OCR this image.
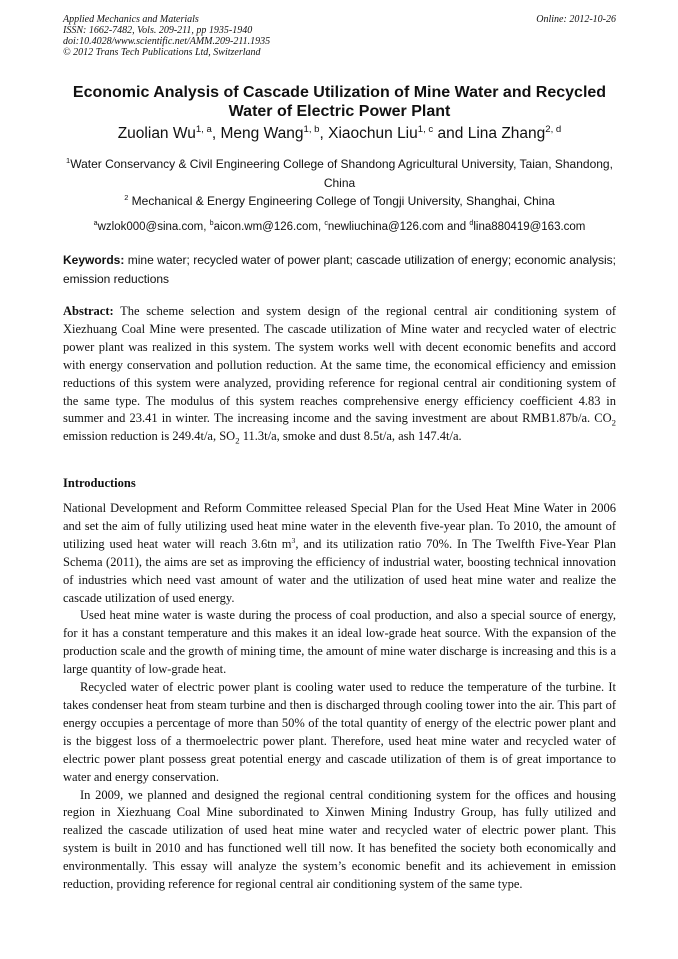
Applied Mechanics and Materials
ISSN: 1662-7482, Vols. 209-211, pp 1935-1940
doi:10.4028/www.scientific.net/AMM.209-211.1935
© 2012 Trans Tech Publications Ltd, Switzerland
Online: 2012-10-26
Economic Analysis of Cascade Utilization of Mine Water and Recycled Water of Electric Power Plant
Zuolian Wu$^{1, a}$, Meng Wang$^{1, b}$, Xiaochun Liu$^{1, c}$ and Lina Zhang$^{2, d}$
$^1$Water Conservancy & Civil Engineering College of Shandong Agricultural University, Taian, Shandong, China
$^2$ Mechanical & Energy Engineering College of Tongji University, Shanghai, China
$^a$wzlok000@sina.com, $^b$aicon.wm@126.com, $^c$newliuchina@126.com and $^d$lina880419@163.com
Keywords: mine water; recycled water of power plant; cascade utilization of energy; economic analysis; emission reductions
Abstract: The scheme selection and system design of the regional central air conditioning system of Xiezhuang Coal Mine were presented. The cascade utilization of Mine water and recycled water of electric power plant was realized in this system. The system works well with decent economic benefits and accord with energy conservation and pollution reduction. At the same time, the economical efficiency and emission reductions of this system were analyzed, providing reference for regional central air conditioning system of the same type. The modulus of this system reaches comprehensive energy efficiency coefficient 4.83 in summer and 23.41 in winter. The increasing income and the saving investment are about RMB1.87b/a. $CO_2$ emission reduction is 249.4t/a, $SO_2$ 11.3t/a, smoke and dust 8.5t/a, ash 147.4t/a.
Introductions

National Development and Reform Committee released Special Plan for the Used Heat Mine Water in 2006 and set the aim of fully utilizing used heat mine water in the eleventh five-year plan. To 2010, the amount of utilizing used heat water will reach 3.6tn $m^3$, and its utilization ratio 70%. In The Twelfth Five-Year Plan Schema (2011), the aims are set as improving the efficiency of industrial water, boosting technical innovation of industries which need vast amount of water and the utilization of used heat mine water and realize the cascade utilization of used energy.

Used heat mine water is waste during the process of coal production, and also a special source of energy, for it has a constant temperature and this makes it an ideal low-grade heat source. With the expansion of the production scale and the growth of mining time, the amount of mine water discharge is increasing and this is a large quantity of low-grade heat.

Recycled water of electric power plant is cooling water used to reduce the temperature of the turbine. It takes condenser heat from steam turbine and then is discharged through cooling tower into the air. This part of energy occupies a percentage of more than 50% of the total quantity of energy of the electric power plant and is the biggest loss of a thermoelectric power plant. Therefore, used heat mine water and recycled water of electric power plant possess great potential energy and cascade utilization of them is of great importance to water and energy conservation.

In 2009, we planned and designed the regional central conditioning system for the offices and housing region in Xiezhuang Coal Mine subordinated to Xinwen Mining Industry Group, has fully utilized and realized the cascade utilization of used heat mine water and recycled water of electric power plant. This system is built in 2010 and has functioned well till now. It has benefited the society both economically and environmentally. This essay will analyze the system’s economic benefit and its achievement in emission reduction, providing reference for regional central air conditioning system of the same type.
